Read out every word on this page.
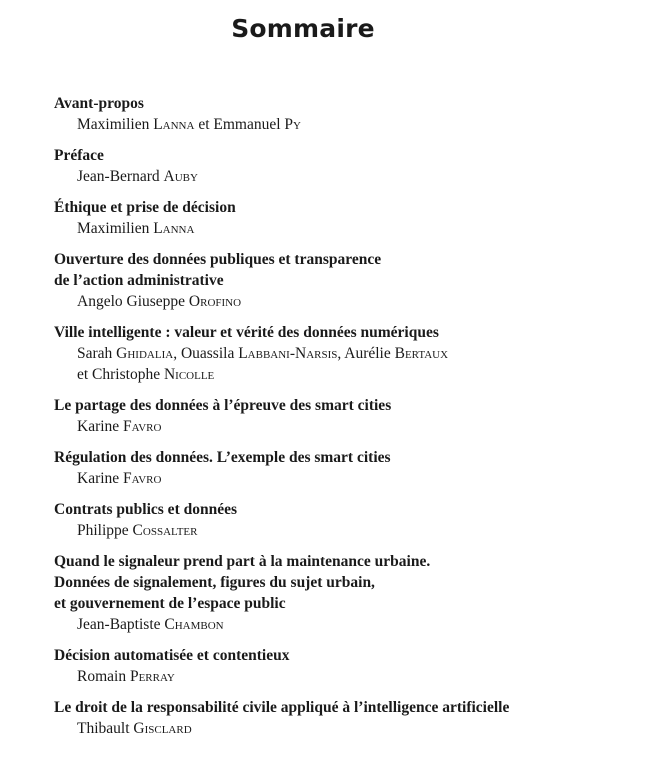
Sommaire
Avant-propos
Maximilien Lanna et Emmanuel Py
Préface
Jean-Bernard Auby
Éthique et prise de décision
Maximilien Lanna
Ouverture des données publiques et transparence
de l’action administrative
Angelo Giuseppe Orofino
Ville intelligente : valeur et vérité des données numériques
Sarah Ghidalia, Ouassila Labbani-Narsis, Aurélie Bertaux
et Christophe Nicolle
Le partage des données à l’épreuve des smart cities
Karine Favro
Régulation des données. L’exemple des smart cities
Karine Favro
Contrats publics et données
Philippe Cossalter
Quand le signaleur prend part à la maintenance urbaine.
Données de signalement, figures du sujet urbain,
et gouvernement de l’espace public
Jean-Baptiste Chambon
Décision automatisée et contentieux
Romain Perray
Le droit de la responsabilité civile appliqué à l’intelligence artificielle
Thibault Gisclard
